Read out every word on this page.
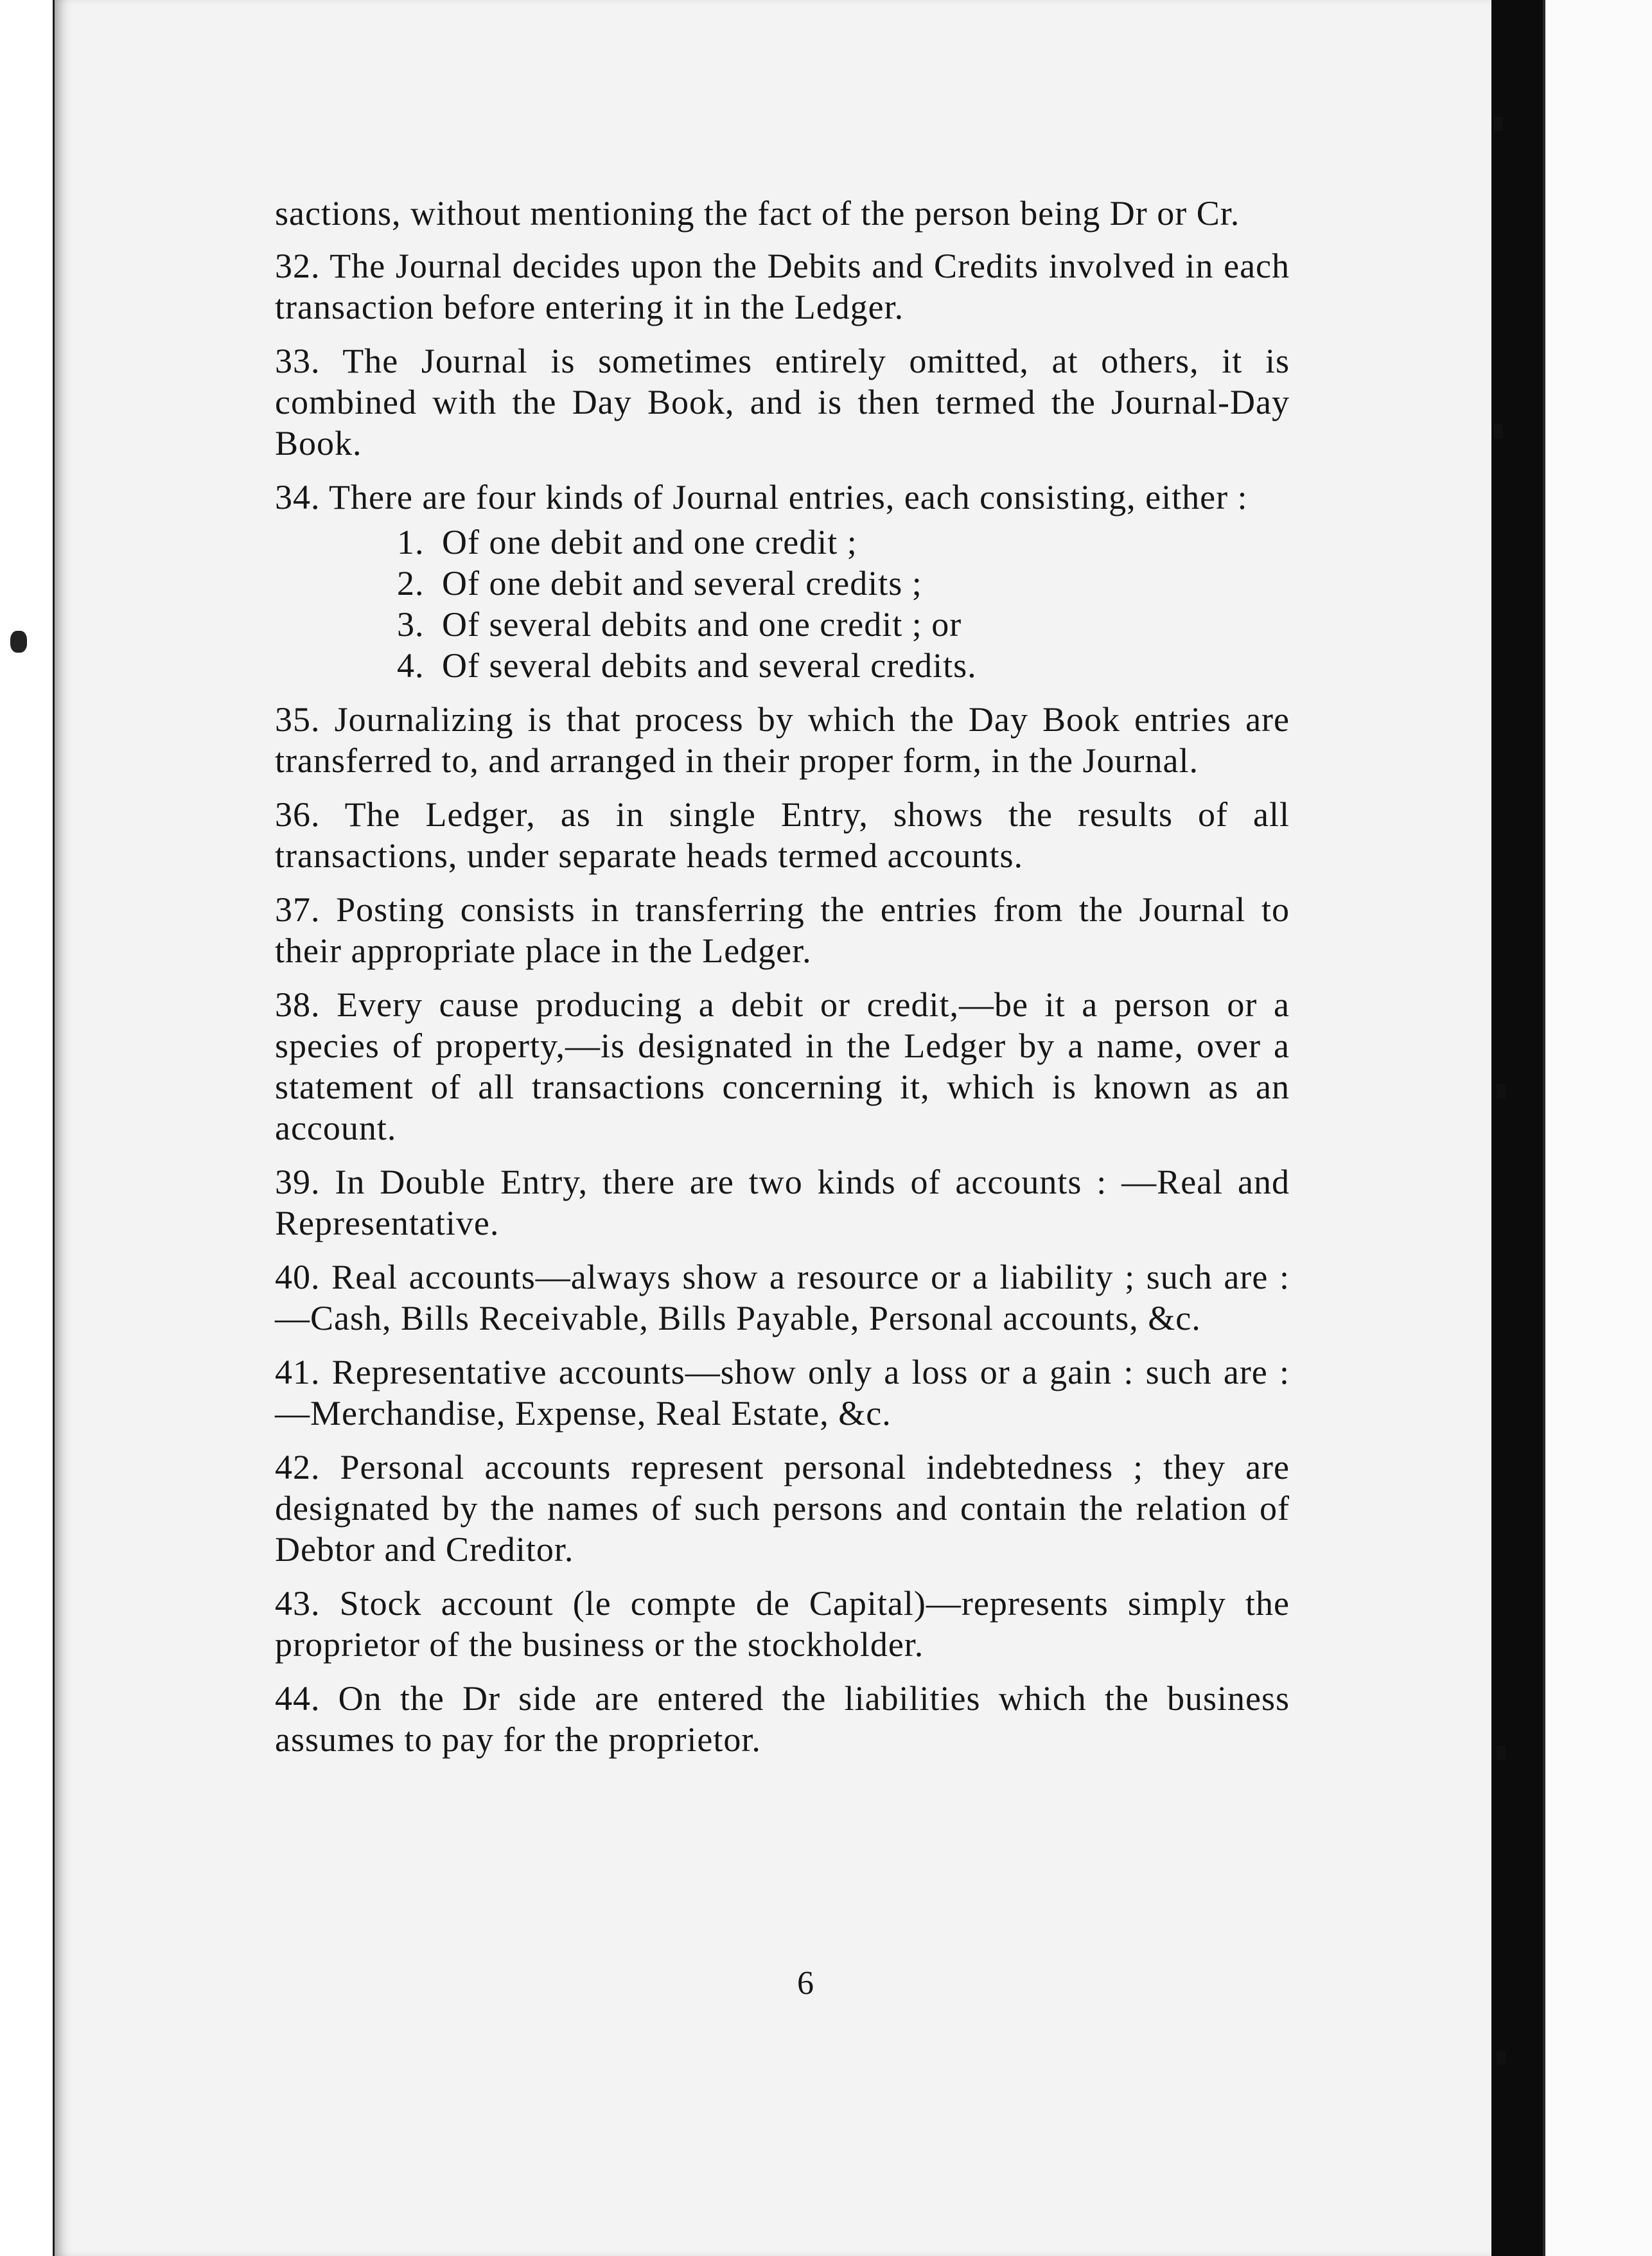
sactions, without mentioning the fact of the person being Dr or Cr.

32. The Journal decides upon the Debits and Credits involved in each transaction before entering it in the Ledger.

33. The Journal is sometimes entirely omitted, at others, it is combined with the Day Book, and is then termed the Journal-Day Book.

34. There are four kinds of Journal entries, each consisting, either :

1. Of one debit and one credit ;
2. Of one debit and several credits ;
3. Of several debits and one credit ; or
4. Of several debits and several credits.

35. Journalizing is that process by which the Day Book entries are transferred to, and arranged in their proper form, in the Journal.

36. The Ledger, as in single Entry, shows the results of all transactions, under separate heads termed accounts.

37. Posting consists in transferring the entries from the Journal to their appropriate place in the Ledger.

38. Every cause producing a debit or credit,—be it a person or a species of property,—is designated in the Ledger by a name, over a statement of all transactions concerning it, which is known as an account.

39. In Double Entry, there are two kinds of accounts : —Real and Representative.

40. Real accounts—always show a resource or a liability ; such are :—Cash, Bills Receivable, Bills Payable, Personal accounts, &c.

41. Representative accounts—show only a loss or a gain : such are :—Merchandise, Expense, Real Estate, &c.

42. Personal accounts represent personal indebtedness ; they are designated by the names of such persons and contain the relation of Debtor and Creditor.

43. Stock account (le compte de Capital)—represents simply the proprietor of the business or the stockholder.

44. On the Dr side are entered the liabilities which the business assumes to pay for the proprietor.

6
